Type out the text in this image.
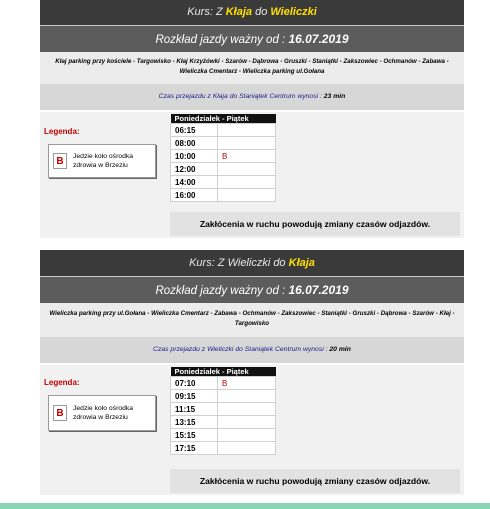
Kurs: Z Kłaja do Wieliczki
Rozkład jazdy ważny od : 16.07.2019
Kłaj parking przy kościele - Targowisko - Kłaj Krzyżówki - Szarów - Dąbrowa - Gruszki - Staniątki - Zakszowiec - Ochmanów - Zabawa - Wieliczka Cmentarz - Wieliczka parking ul.Gołana
Czas przejazdu z Kłaja do Staniątek Centrum wynosi : 23 min
Legenda:
B	Jedzie koło ośrodka
zdrowia w Brzeziu
Poniedziałek - Piątek	
06:15	
08:00	
10:00	B
12:00	
14:00	
16:00	
Zakłócenia w ruchu powodują zmiany czasów odjazdów.
Kurs: Z Wieliczki do Kłaja
Rozkład jazdy ważny od : 16.07.2019
Wieliczka parking przy ul.Gołana - Wieliczka Cmentarz - Zabawa - Ochmanów - Zakszowiec - Staniątki - Gruszki - Dąbrowa - Szarów - Kłaj - Targowisko
Czas przejazdu z Wieliczki do Staniątek Centrum wynosi : 20 min
Legenda:
B	Jedzie koło ośrodka
zdrowia w Brzeziu
Poniedziałek - Piątek	
07:10	B
09:15	
11:15	
13:15	
15:15	
17:15	
Zakłócenia w ruchu powodują zmiany czasów odjazdów.
